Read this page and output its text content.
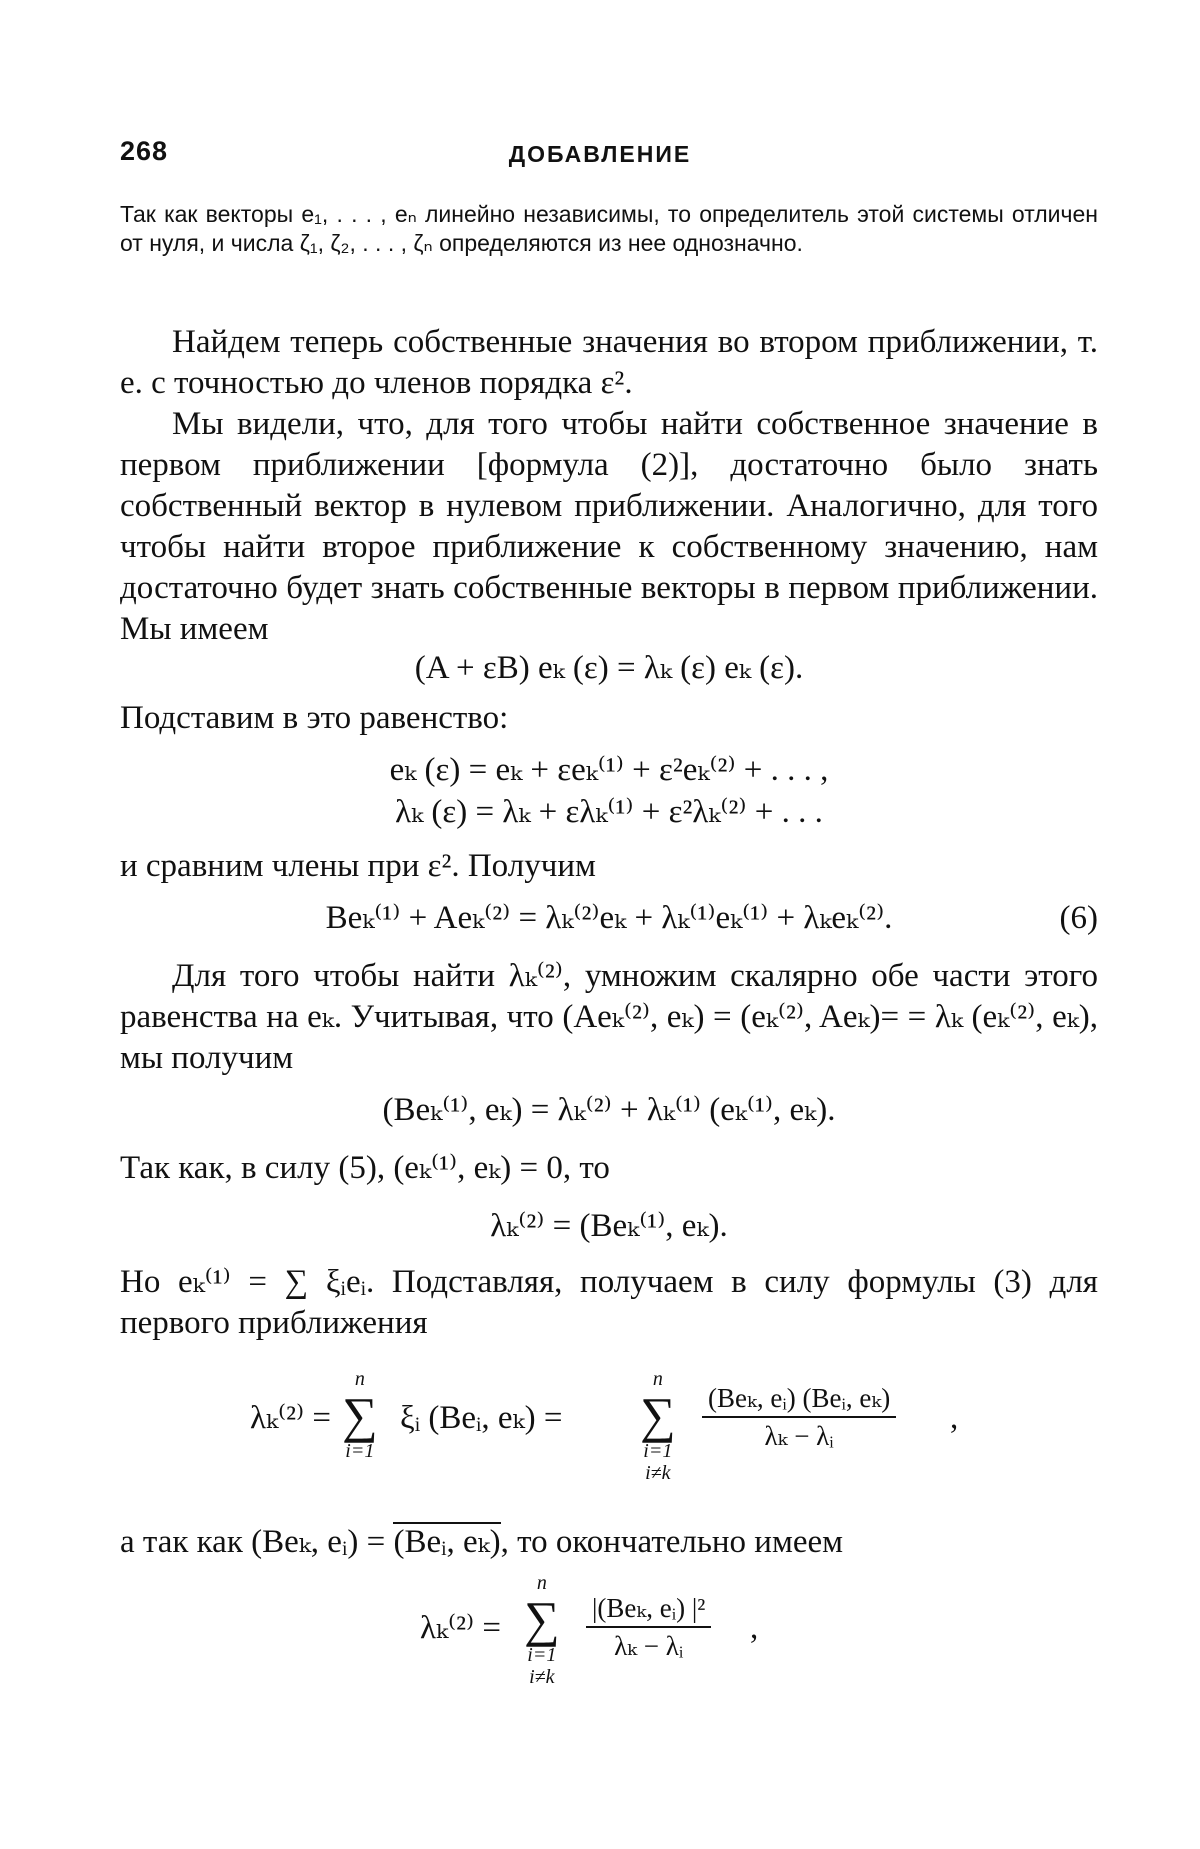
268	ДОБАВЛЕНИЕ
Так как векторы e₁, . . . , eₙ линейно независимы, то определитель этой системы отличен от нуля, и числа ζ₁, ζ₂, . . . , ζₙ определяются из нее однозначно.
Найдем теперь собственные значения во втором приближении, т. е. с точностью до членов порядка ε².
Мы видели, что, для того чтобы найти собственное значение в первом приближении [формула (2)], достаточно было знать собственный вектор в нулевом приближении. Аналогично, для того чтобы найти второе приближение к собственному значению, нам достаточно будет знать собственные векторы в первом приближении. Мы имеем
(A + εB) eₖ (ε) = λₖ (ε) eₖ (ε).
Подставим в это равенство:
eₖ (ε) = eₖ + εeₖ⁽¹⁾ + ε²eₖ⁽²⁾ + . . . ,
λₖ (ε) = λₖ + ελₖ⁽¹⁾ + ε²λₖ⁽²⁾ + . . .
и сравним члены при ε². Получим
Beₖ⁽¹⁾ + Aeₖ⁽²⁾ = λₖ⁽²⁾eₖ + λₖ⁽¹⁾eₖ⁽¹⁾ + λₖeₖ⁽²⁾.	(6)
Для того чтобы найти λₖ⁽²⁾, умножим скалярно обе части этого равенства на eₖ. Учитывая, что (Aeₖ⁽²⁾, eₖ) = (eₖ⁽²⁾, Aeₖ)= = λₖ (eₖ⁽²⁾, eₖ), мы получим
(Beₖ⁽¹⁾, eₖ) = λₖ⁽²⁾ + λₖ⁽¹⁾ (eₖ⁽¹⁾, eₖ).
Так как, в силу (5), (eₖ⁽¹⁾, eₖ) = 0, то
λₖ⁽²⁾ = (Beₖ⁽¹⁾, eₖ).
Но eₖ⁽¹⁾ = ∑ ξᵢeᵢ. Подставляя, получаем в силу формулы (3) для первого приближения
λₖ⁽²⁾ =
n
∑
i=1
ξᵢ (Beᵢ, eₖ) =
n
∑
i=1
i≠k
(Beₖ, eᵢ) (Beᵢ, eₖ)
λₖ − λᵢ	,
а так как (Beₖ, eᵢ) = (Beᵢ, eₖ), то окончательно имеем
λₖ⁽²⁾ =
n
∑
i=1
i≠k
|(Beₖ, eᵢ) |²
λₖ − λᵢ	,
